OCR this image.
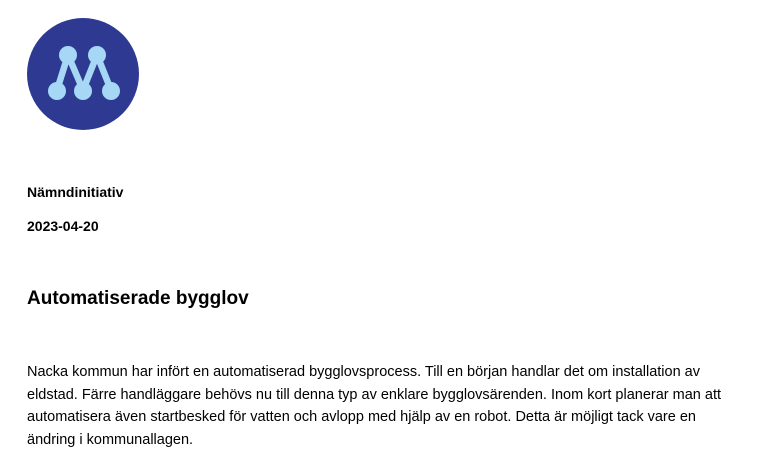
Nämndinitiativ
2023-04-20
Automatiserade bygglov

Nacka kommun har infört en automatiserad bygglovsprocess. Till en början handlar det om installation av eldstad. Färre handläggare behövs nu till denna typ av enklare bygglovsärenden. Inom kort planerar man att automatisera även startbesked för vatten och avlopp med hjälp av en robot. Detta är möjligt tack vare en ändring i kommunallagen.
